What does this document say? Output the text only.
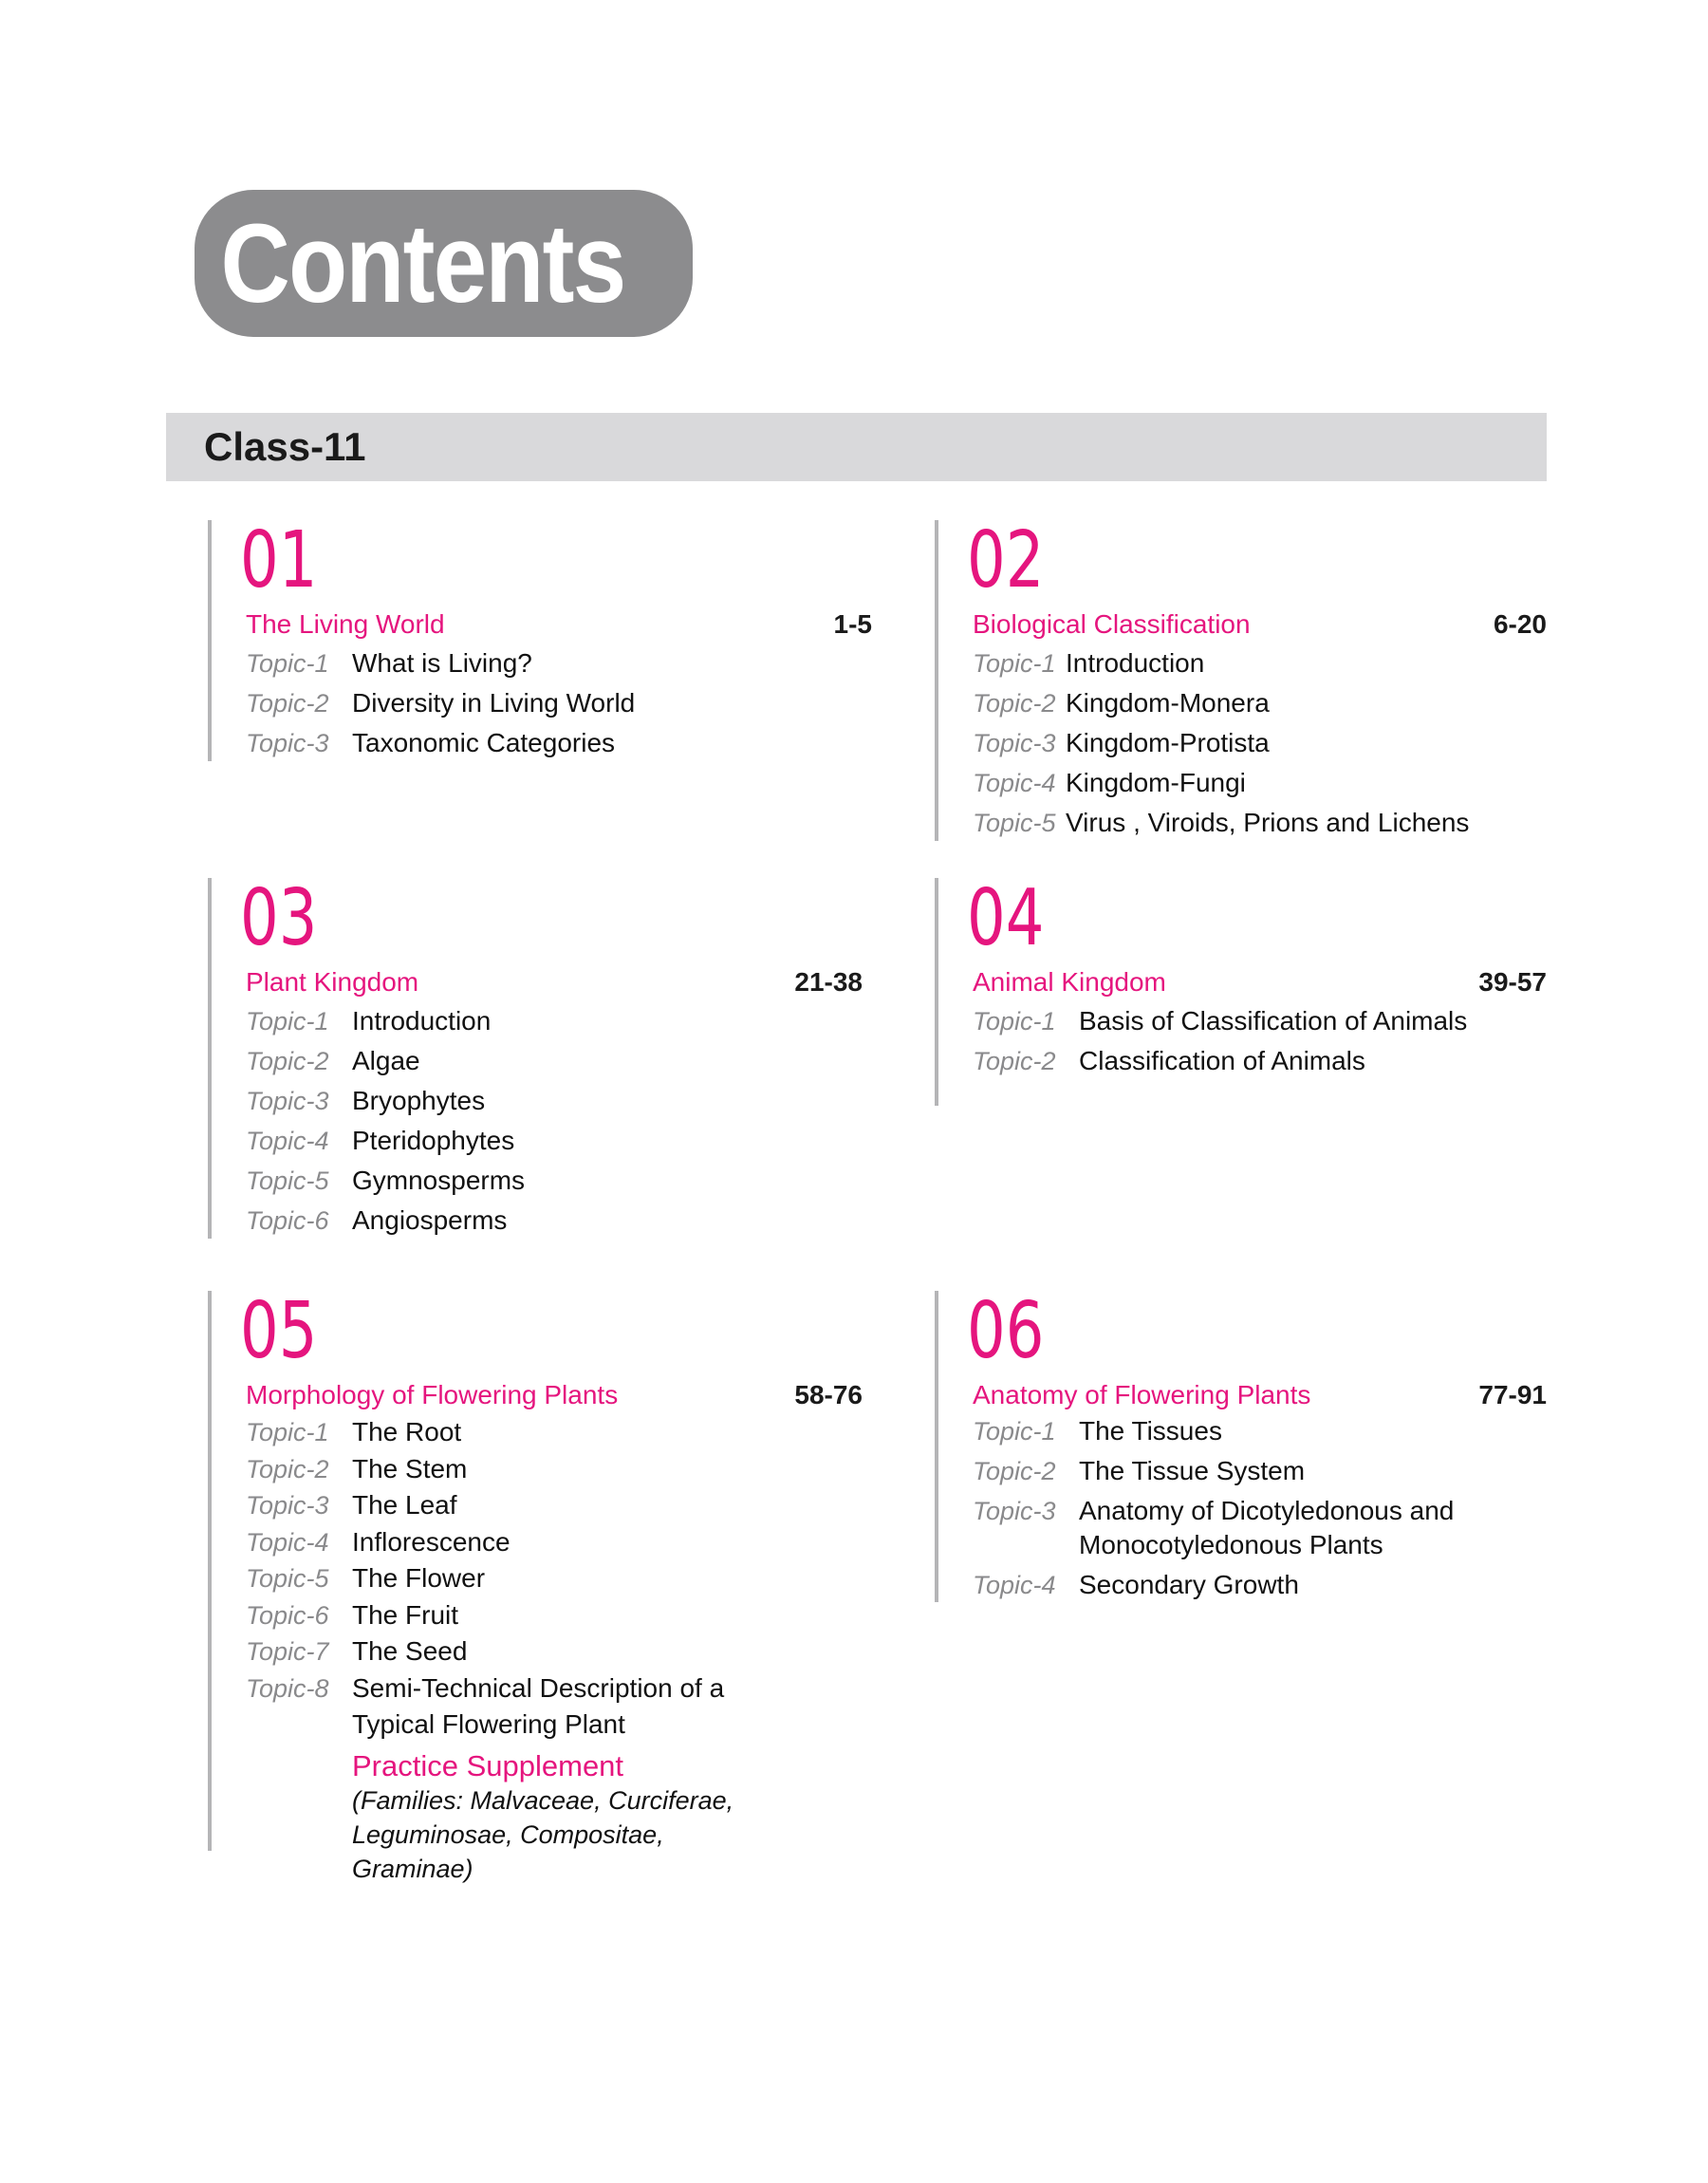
Contents
Class-11
01
The Living World	1-5
Topic-1 What is Living?
Topic-2 Diversity in Living World
Topic-3 Taxonomic Categories
02
Biological Classification	6-20
Topic-1 Introduction
Topic-2 Kingdom-Monera
Topic-3 Kingdom-Protista
Topic-4 Kingdom-Fungi
Topic-5 Virus , Viroids, Prions and Lichens
03
Plant Kingdom	21-38
Topic-1 Introduction
Topic-2 Algae
Topic-3 Bryophytes
Topic-4 Pteridophytes
Topic-5 Gymnosperms
Topic-6 Angiosperms
04
Animal Kingdom	39-57
Topic-1 Basis of Classification of Animals
Topic-2 Classification of Animals
05
Morphology of Flowering Plants	58-76
Topic-1 The Root
Topic-2 The Stem
Topic-3 The Leaf
Topic-4 Inflorescence
Topic-5 The Flower
Topic-6 The Fruit
Topic-7 The Seed
Topic-8 Semi-Technical Description of a Typical Flowering Plant
Practice Supplement
(Families: Malvaceae, Curciferae, Leguminosae, Compositae, Graminae)
06
Anatomy of Flowering Plants	77-91
Topic-1 The Tissues
Topic-2 The Tissue System
Topic-3 Anatomy of Dicotyledonous and Monocotyledonous Plants
Topic-4 Secondary Growth
